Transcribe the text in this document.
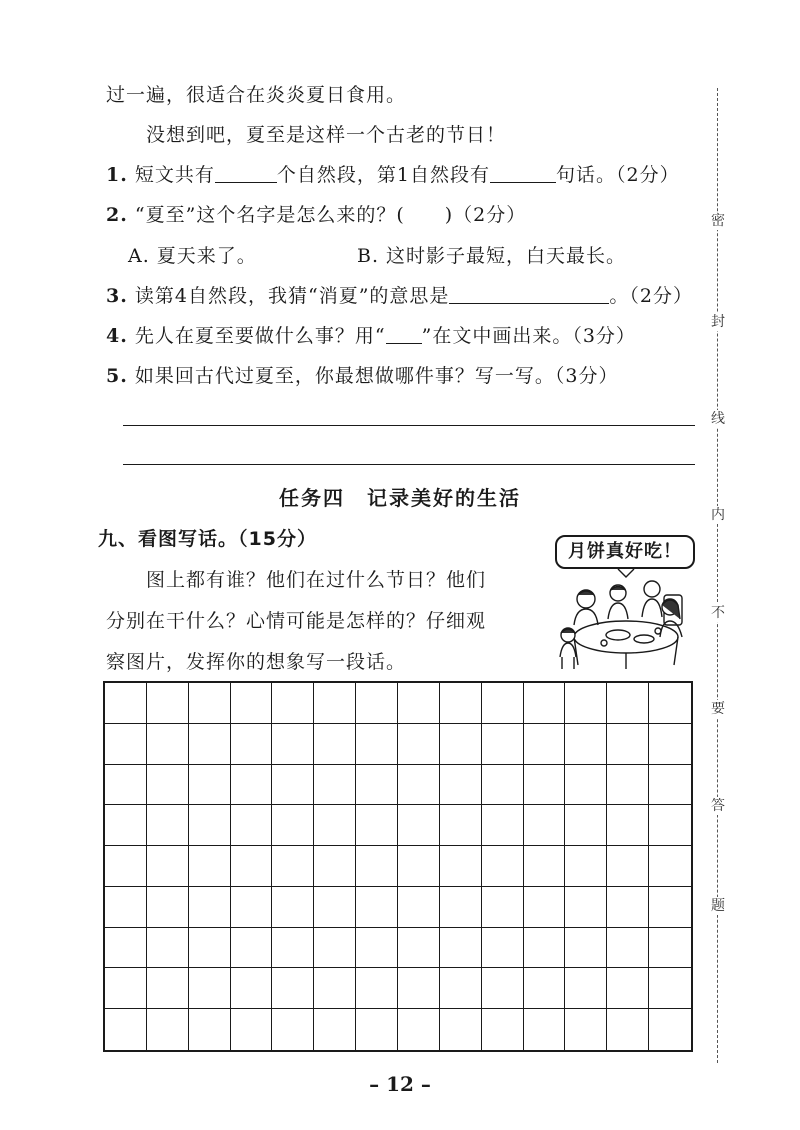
过一遍，很适合在炎炎夏日食用。
没想到吧，夏至是这样一个古老的节日！
1. 短文共有	个自然段，第1自然段有	句话。（2分）
2. “夏至”这个名字是怎么来的？(　　)（2分）
A. 夏天来了。	B. 这时影子最短，白天最长。
3. 读第4自然段，我猜“消夏”的意思是	。（2分）
4. 先人在夏至要做什么事？用“ ”在文中画出来。（3分）
5. 如果回古代过夏至，你最想做哪件事？写一写。（3分）
任务四　记录美好的生活
九、看图写话。（15分）
图上都有谁？他们在过什么节日？他们
分别在干什么？心情可能是怎样的？仔细观
察图片，发挥你的想象写一段话。
月饼真好吃！
密
封
线
内
不
要
答
题
– 12 –
